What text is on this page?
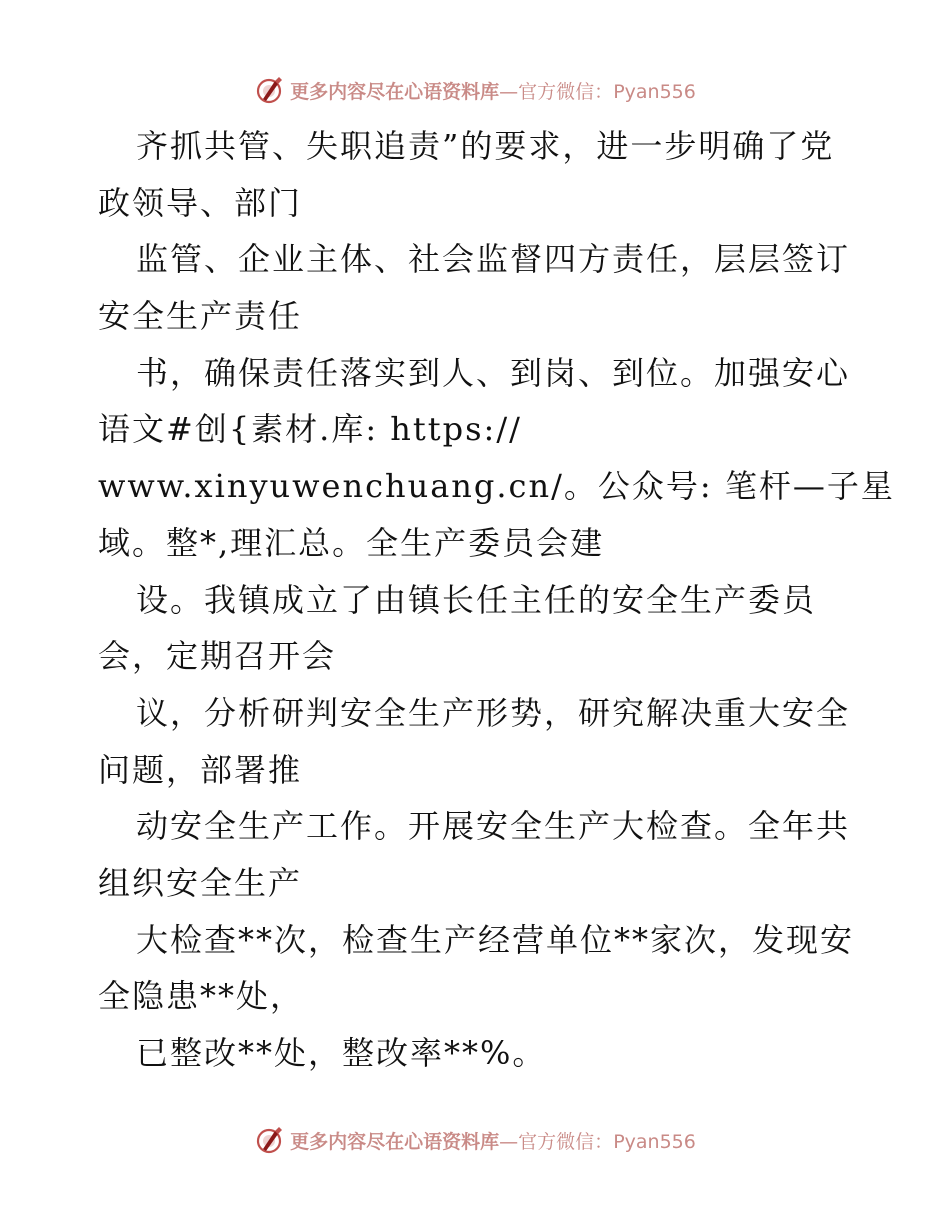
更多内容尽在心语资料库—官方微信：Pyan556
齐抓共管、失职追责”的要求，进一步明确了党
政领导、部门
监管、企业主体、社会监督四方责任，层层签订
安全生产责任
书，确保责任落实到人、到岗、到位。加强安心
语文#创{素材.库: https://
www.xinyuwenchuang.cn/。公众号: 笔杆—子星
域。整*,理汇总。全生产委员会建
设。我镇成立了由镇长任主任的安全生产委员
会，定期召开会
议，分析研判安全生产形势，研究解决重大安全
问题，部署推
动安全生产工作。开展安全生产大检查。全年共
组织安全生产
大检查**次，检查生产经营单位**家次，发现安
全隐患**处，
已整改**处，整改率**%。
更多内容尽在心语资料库—官方微信：Pyan556
